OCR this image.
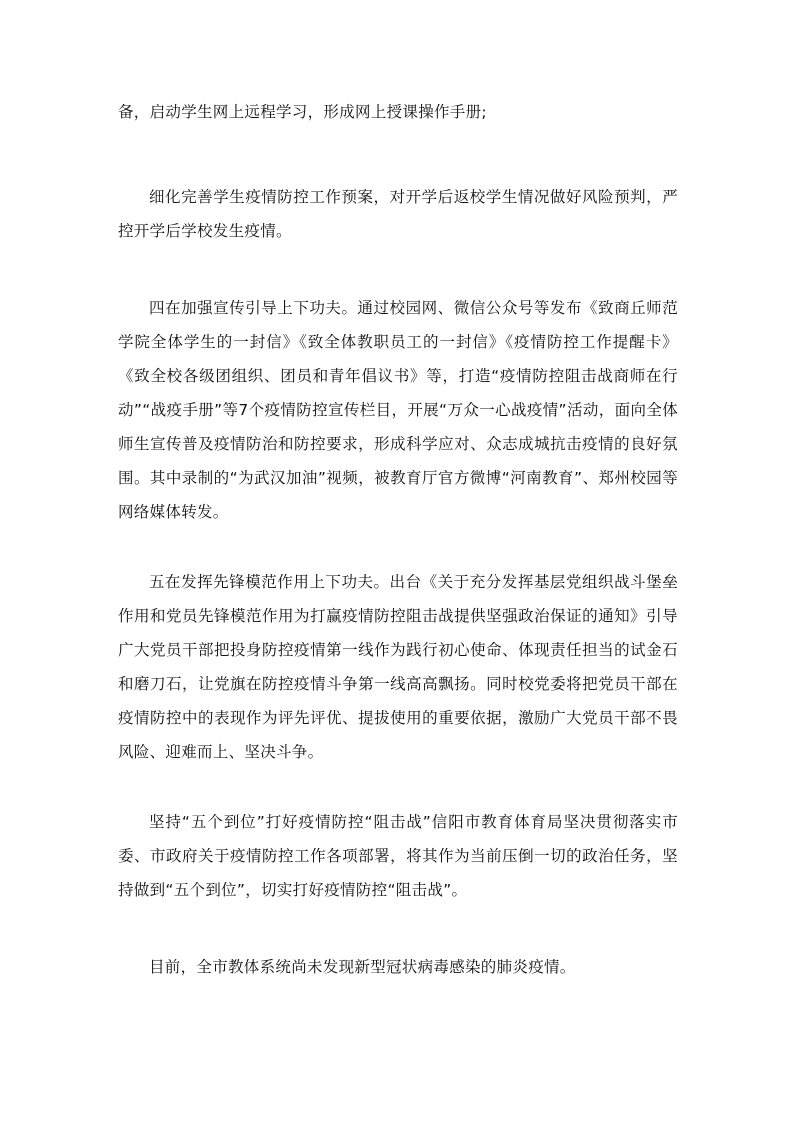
备，启动学生网上远程学习，形成网上授课操作手册;

细化完善学生疫情防控工作预案，对开学后返校学生情况做好风险预判，严控开学后学校发生疫情。

四在加强宣传引导上下功夫。通过校园网、微信公众号等发布《致商丘师范学院全体学生的一封信》《致全体教职员工的一封信》《疫情防控工作提醒卡》《致全校各级团组织、团员和青年倡议书》等，打造“疫情防控阻击战商师在行动”“战疫手册”等7个疫情防控宣传栏目，开展“万众一心战疫情”活动，面向全体师生宣传普及疫情防治和防控要求，形成科学应对、众志成城抗击疫情的良好氛围。其中录制的“为武汉加油”视频，被教育厅官方微博“河南教育”、郑州校园等网络媒体转发。

五在发挥先锋模范作用上下功夫。出台《关于充分发挥基层党组织战斗堡垒作用和党员先锋模范作用为打赢疫情防控阻击战提供坚强政治保证的通知》引导广大党员干部把投身防控疫情第一线作为践行初心使命、体现责任担当的试金石和磨刀石，让党旗在防控疫情斗争第一线高高飘扬。同时校党委将把党员干部在疫情防控中的表现作为评先评优、提拔使用的重要依据，激励广大党员干部不畏风险、迎难而上、坚决斗争。

坚持“五个到位”打好疫情防控“阻击战”信阳市教育体育局坚决贯彻落实市委、市政府关于疫情防控工作各项部署，将其作为当前压倒一切的政治任务，坚持做到“五个到位”，切实打好疫情防控“阻击战”。

目前，全市教体系统尚未发现新型冠状病毒感染的肺炎疫情。
